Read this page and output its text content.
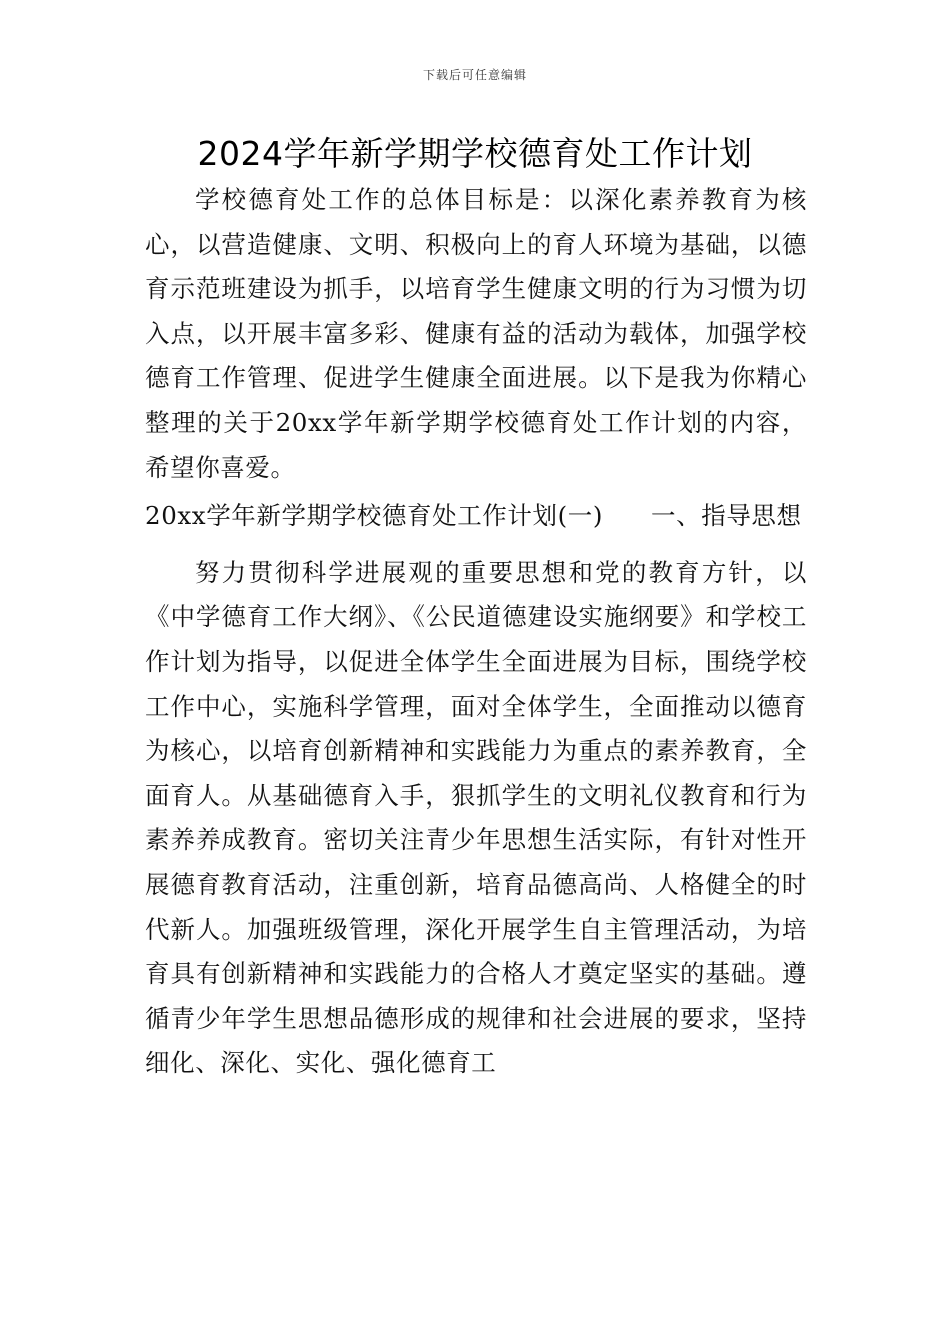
下载后可任意编辑
2024学年新学期学校德育处工作计划

学校德育处工作的总体目标是：以深化素养教育为核心，以营造健康、文明、积极向上的育人环境为基础，以德育示范班建设为抓手，以培育学生健康文明的行为习惯为切入点，以开展丰富多彩、健康有益的活动为载体，加强学校德育工作管理、促进学生健康全面进展。以下是我为你精心整理的关于20xx学年新学期学校德育处工作计划的内容，希望你喜爱。

20xx学年新学期学校德育处工作计划(一) 一、指导思想

努力贯彻科学进展观的重要思想和党的教育方针，以《中学德育工作大纲》、《公民道德建设实施纲要》和学校工作计划为指导，以促进全体学生全面进展为目标，围绕学校工作中心，实施科学管理，面对全体学生，全面推动以德育为核心，以培育创新精神和实践能力为重点的素养教育，全面育人。从基础德育入手，狠抓学生的文明礼仪教育和行为素养养成教育。密切关注青少年思想生活实际，有针对性开展德育教育活动，注重创新，培育品德高尚、人格健全的时代新人。加强班级管理，深化开展学生自主管理活动，为培育具有创新精神和实践能力的合格人才奠定坚实的基础。遵循青少年学生思想品德形成的规律和社会进展的要求，坚持细化、深化、实化、强化德育工
